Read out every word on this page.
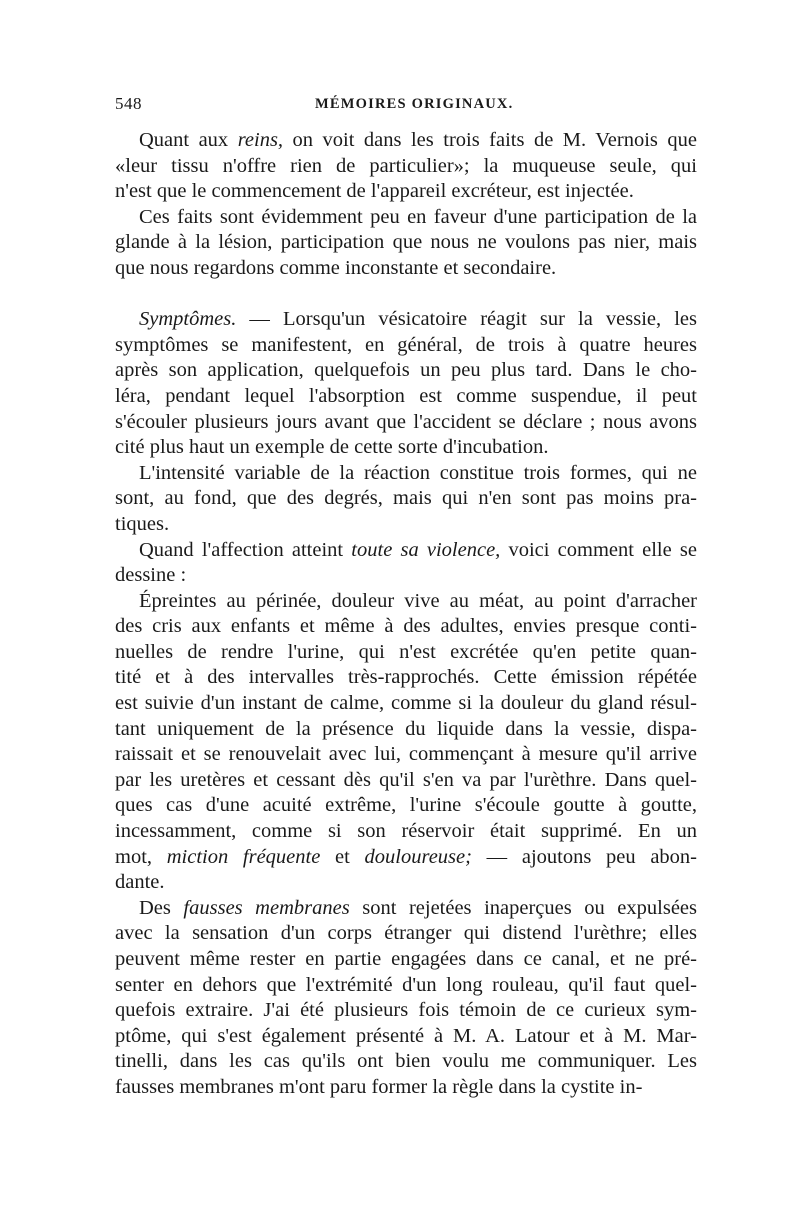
548	MÉMOIRES ORIGINAUX.

Quant aux reins, on voit dans les trois faits de M. Vernois que
«leur tissu n'offre rien de particulier»; la muqueuse seule, qui
n'est que le commencement de l'appareil excréteur, est injectée.

Ces faits sont évidemment peu en faveur d'une participation de la
glande à la lésion, participation que nous ne voulons pas nier, mais
que nous regardons comme inconstante et secondaire.

Symptômes. — Lorsqu'un vésicatoire réagit sur la vessie, les
symptômes se manifestent, en général, de trois à quatre heures
après son application, quelquefois un peu plus tard. Dans le cho-
léra, pendant lequel l'absorption est comme suspendue, il peut
s'écouler plusieurs jours avant que l'accident se déclare ; nous avons
cité plus haut un exemple de cette sorte d'incubation.

L'intensité variable de la réaction constitue trois formes, qui ne
sont, au fond, que des degrés, mais qui n'en sont pas moins pra-
tiques.

Quand l'affection atteint toute sa violence, voici comment elle se
dessine :

Épreintes au périnée, douleur vive au méat, au point d'arracher
des cris aux enfants et même à des adultes, envies presque conti-
nuelles de rendre l'urine, qui n'est excrétée qu'en petite quan-
tité et à des intervalles très-rapprochés. Cette émission répétée
est suivie d'un instant de calme, comme si la douleur du gland résul-
tant uniquement de la présence du liquide dans la vessie, dispa-
raissait et se renouvelait avec lui, commençant à mesure qu'il arrive
par les uretères et cessant dès qu'il s'en va par l'urèthre. Dans quel-
ques cas d'une acuité extrême, l'urine s'écoule goutte à goutte,
incessamment, comme si son réservoir était supprimé. En un
mot, miction fréquente et douloureuse; — ajoutons peu abon-
dante.

Des fausses membranes sont rejetées inaperçues ou expulsées
avec la sensation d'un corps étranger qui distend l'urèthre; elles
peuvent même rester en partie engagées dans ce canal, et ne pré-
senter en dehors que l'extrémité d'un long rouleau, qu'il faut quel-
quefois extraire. J'ai été plusieurs fois témoin de ce curieux sym-
ptôme, qui s'est également présenté à M. A. Latour et à M. Mar-
tinelli, dans les cas qu'ils ont bien voulu me communiquer. Les
fausses membranes m'ont paru former la règle dans la cystite in-
